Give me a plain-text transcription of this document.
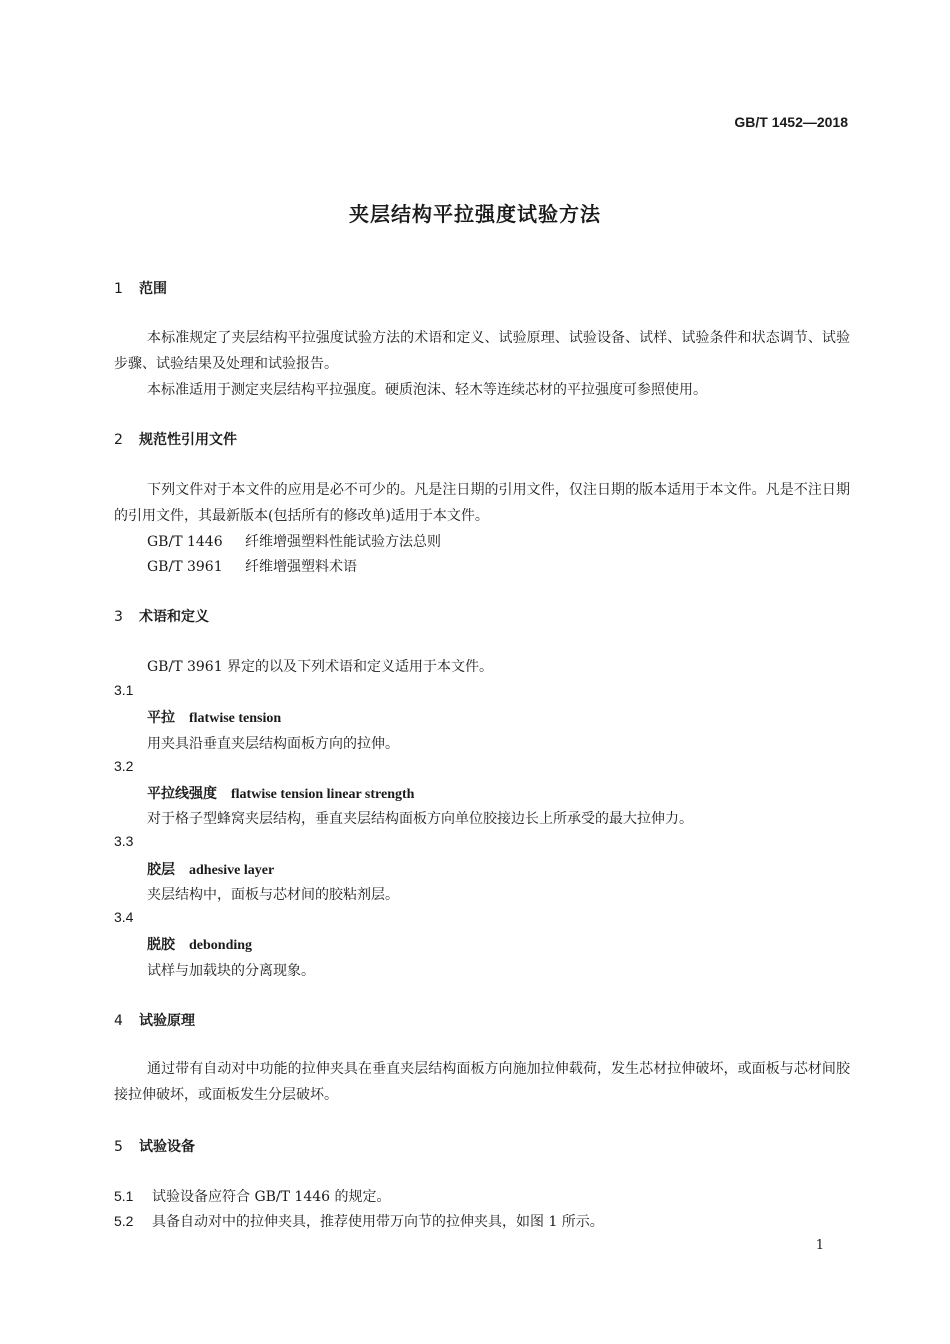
GB/T 1452—2018
夹层结构平拉强度试验方法
1 范围
本标准规定了夹层结构平拉强度试验方法的术语和定义、试验原理、试验设备、试样、试验条件和状态调节、试验步骤、试验结果及处理和试验报告。
本标准适用于测定夹层结构平拉强度。硬质泡沫、轻木等连续芯材的平拉强度可参照使用。
2 规范性引用文件
下列文件对于本文件的应用是必不可少的。凡是注日期的引用文件，仅注日期的版本适用于本文件。凡是不注日期的引用文件，其最新版本(包括所有的修改单)适用于本文件。
GB/T 1446 纤维增强塑料性能试验方法总则
GB/T 3961 纤维增强塑料术语
3 术语和定义
GB/T 3961 界定的以及下列术语和定义适用于本文件。
3.1
平拉 flatwise tension
用夹具沿垂直夹层结构面板方向的拉伸。
3.2
平拉线强度 flatwise tension linear strength
对于格子型蜂窝夹层结构，垂直夹层结构面板方向单位胶接边长上所承受的最大拉伸力。
3.3
胶层 adhesive layer
夹层结构中，面板与芯材间的胶粘剂层。
3.4
脱胶 debonding
试样与加载块的分离现象。
4 试验原理
通过带有自动对中功能的拉伸夹具在垂直夹层结构面板方向施加拉伸载荷，发生芯材拉伸破坏，或面板与芯材间胶接拉伸破坏，或面板发生分层破坏。
5 试验设备
5.1 试验设备应符合 GB/T 1446 的规定。
5.2 具备自动对中的拉伸夹具，推荐使用带万向节的拉伸夹具，如图 1 所示。
1
